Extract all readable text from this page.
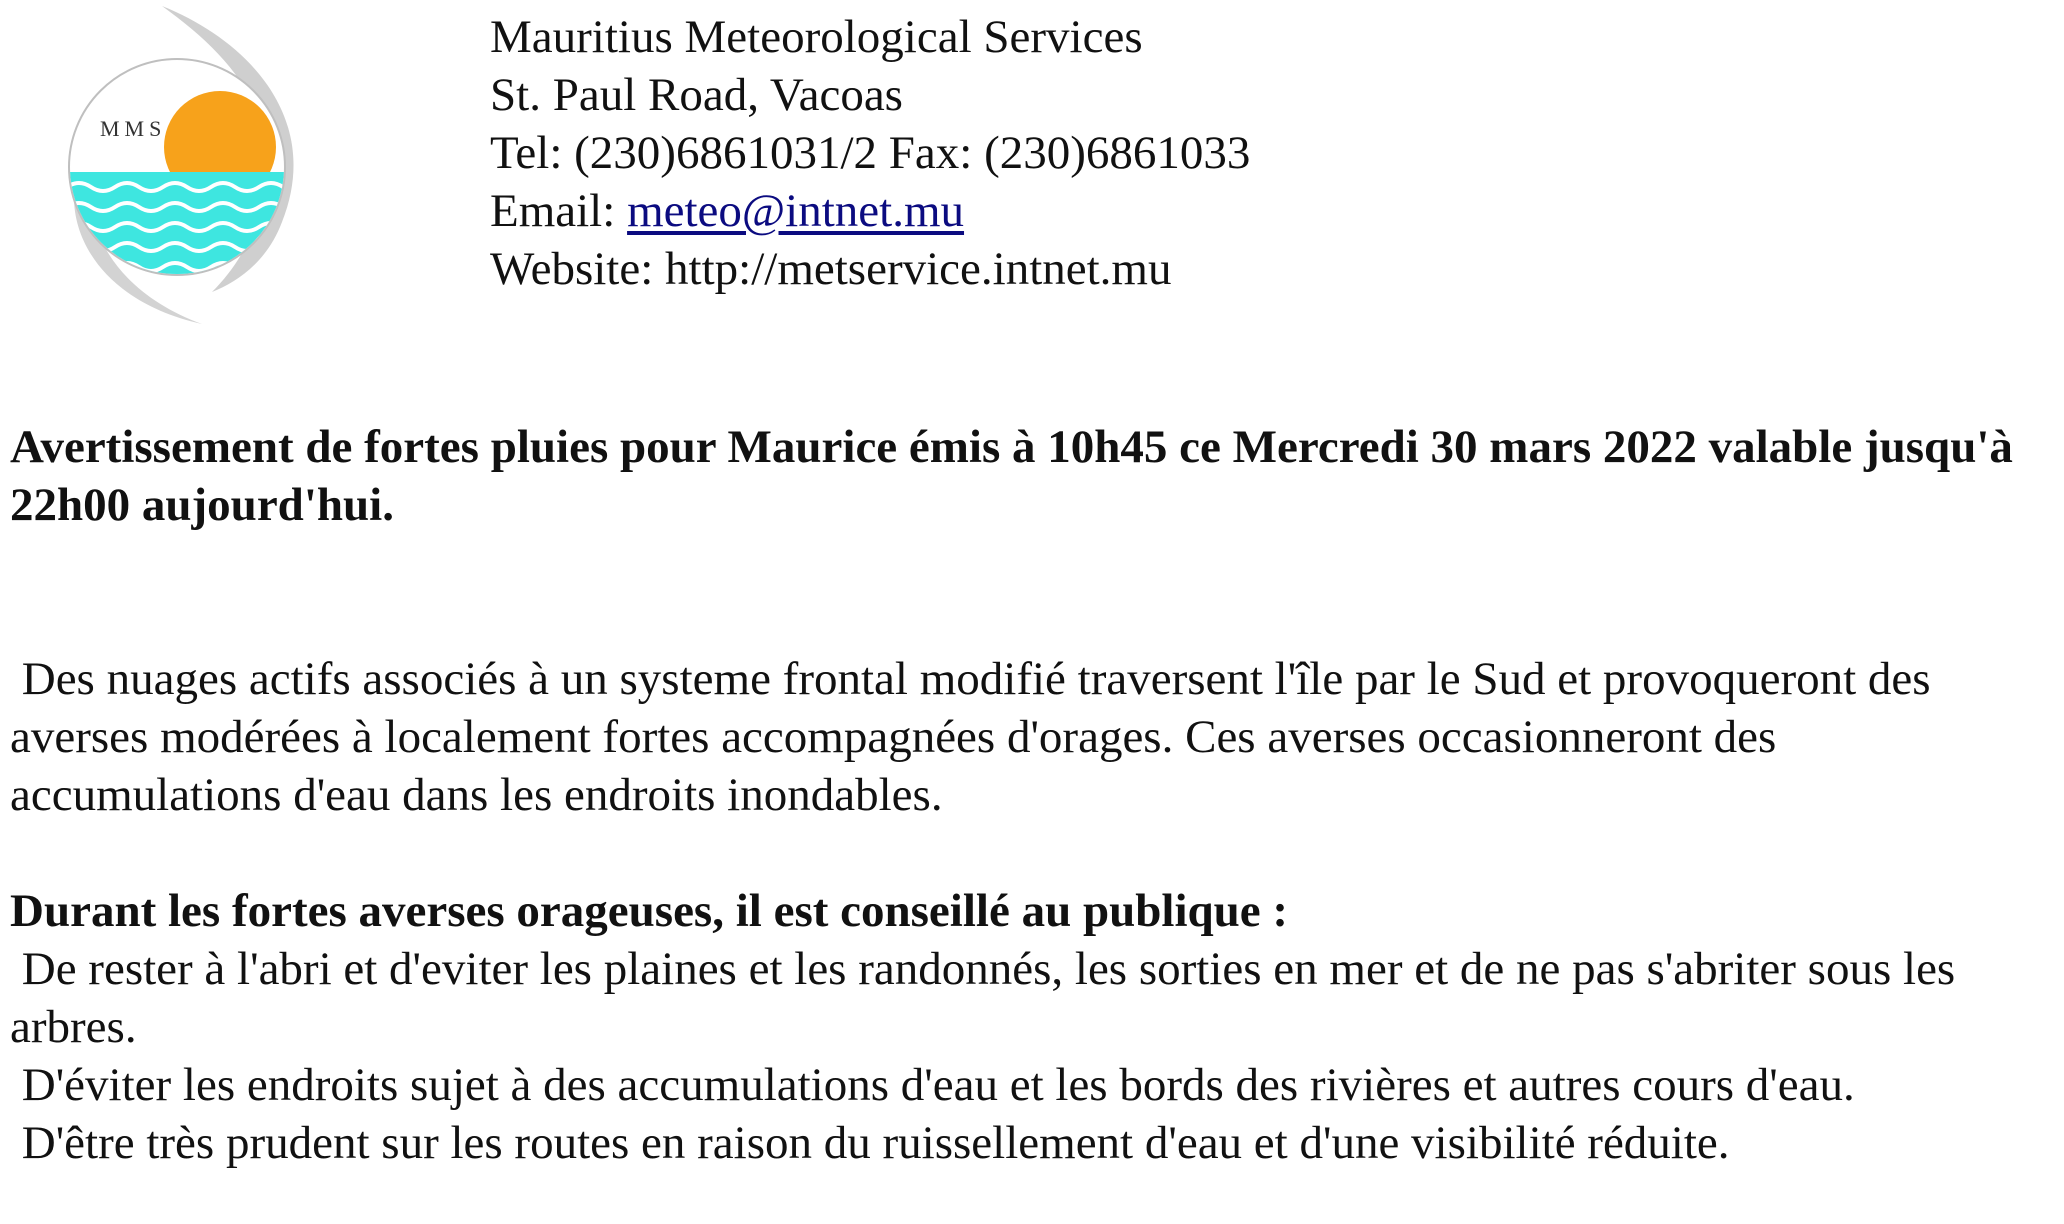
MMS
Mauritius Meteorological Services
St. Paul Road, Vacoas
Tel: (230)6861031/2 Fax: (230)6861033
Email: meteo@intnet.mu
Website: http://metservice.intnet.mu

Avertissement de fortes pluies pour Maurice émis à 10h45 ce Mercredi 30 mars 2022 valable jusqu'à 22h00 aujourd'hui.

Des nuages actifs associés à un systeme frontal modifié traversent l'île par le Sud et provoqueront des averses modérées à localement fortes accompagnées d'orages. Ces averses occasionneront des accumulations d'eau dans les endroits inondables.

Durant les fortes averses orageuses, il est conseillé au publique :

De rester à l'abri et d'eviter les plaines et les randonnés, les sorties en mer et de ne pas s'abriter sous les arbres.

D'éviter les endroits sujet à des accumulations d'eau et les bords des rivières et autres cours d'eau.

D'être très prudent sur les routes en raison du ruissellement d'eau et d'une visibilité réduite.
